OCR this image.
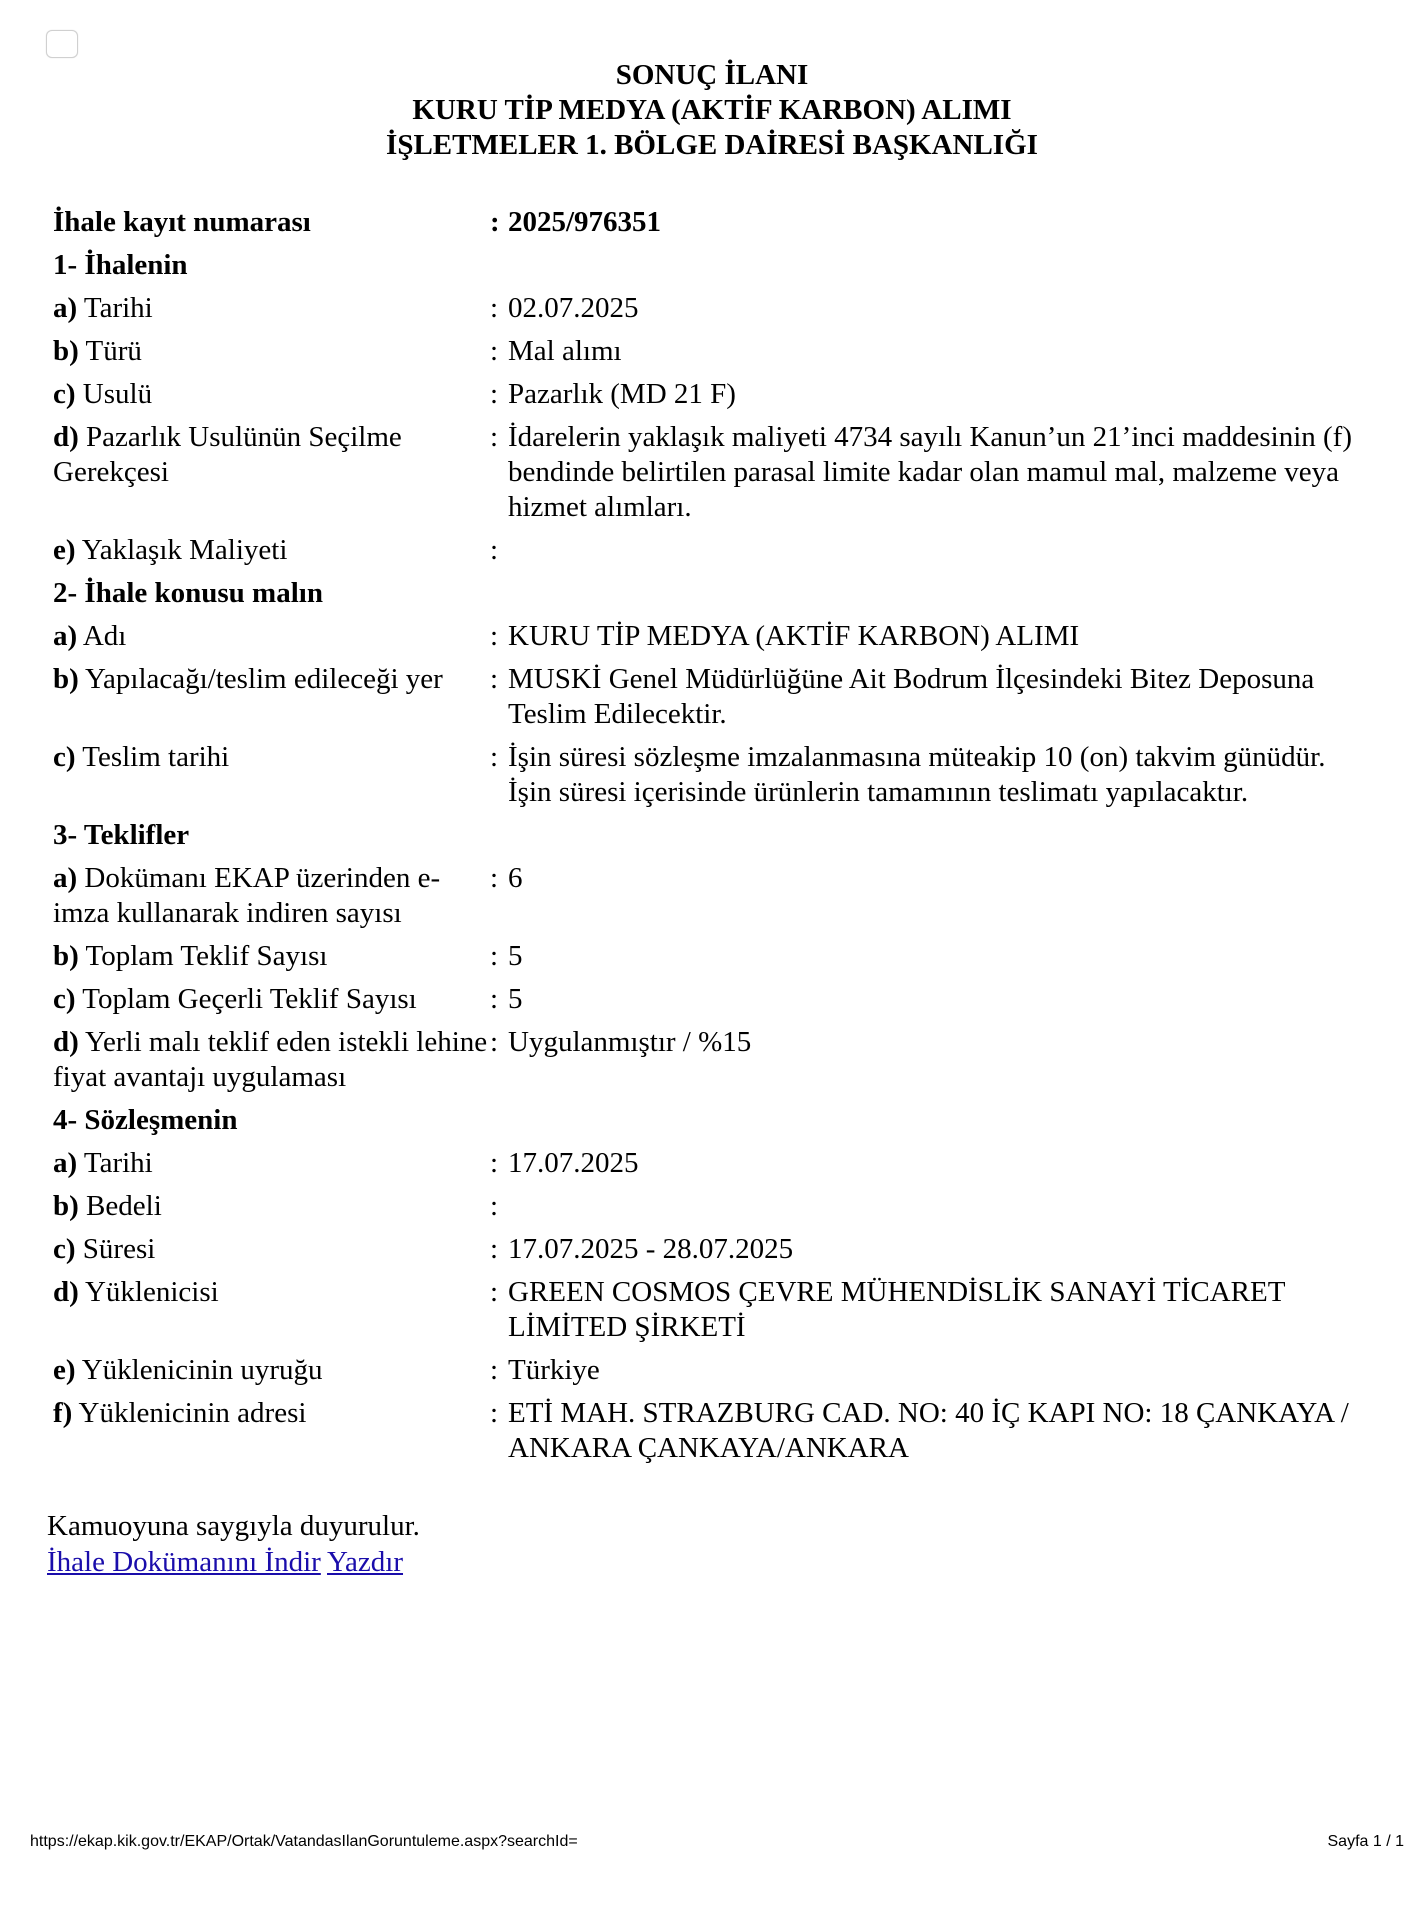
SONUÇ İLANI
KURU TİP MEDYA (AKTİF KARBON) ALIMI
İŞLETMELER 1. BÖLGE DAİRESİ BAŞKANLIĞI
İhale kayıt numarası	: 2025/976351
1- İhalenin
a) Tarihi	: 02.07.2025
b) Türü	: Mal alımı
c) Usulü	: Pazarlık (MD 21 F)
d) Pazarlık Usulünün Seçilme Gerekçesi
: İdarelerin yaklaşık maliyeti 4734 sayılı Kanun’un 21’inci maddesinin (f) bendinde belirtilen parasal limite kadar olan mamul mal, malzeme veya hizmet alımları.
e) Yaklaşık Maliyeti	:
2- İhale konusu malın
a) Adı	: KURU TİP MEDYA (AKTİF KARBON) ALIMI
b) Yapılacağı/teslim edileceği yer	: MUSKİ Genel Müdürlüğüne Ait Bodrum İlçesindeki Bitez Deposuna Teslim Edilecektir.
c) Teslim tarihi	: İşin süresi sözleşme imzalanmasına müteakip 10 (on) takvim günüdür. İşin süresi içerisinde ürünlerin tamamının teslimatı yapılacaktır.
3- Teklifler
a) Dokümanı EKAP üzerinden e-imza kullanarak indiren sayısı
: 6
b) Toplam Teklif Sayısı	: 5
c) Toplam Geçerli Teklif Sayısı	: 5
d) Yerli malı teklif eden istekli lehine fiyat avantajı uygulaması
: Uygulanmıştır / %15
4- Sözleşmenin
a) Tarihi	: 17.07.2025
b) Bedeli	:
c) Süresi	: 17.07.2025 - 28.07.2025
d) Yüklenicisi	: GREEN COSMOS ÇEVRE MÜHENDİSLİK SANAYİ TİCARET LİMİTED ŞİRKETİ
e) Yüklenicinin uyruğu	: Türkiye
f) Yüklenicinin adresi	: ETİ MAH. STRAZBURG CAD. NO: 40 İÇ KAPI NO: 18 ÇANKAYA / ANKARA ÇANKAYA/ANKARA
Kamuoyuna saygıyla duyurulur.
İhale Dokümanını İndir Yazdır
https://ekap.kik.gov.tr/EKAP/Ortak/VatandasIlanGoruntuleme.aspx?searchId=	Sayfa 1 / 1
